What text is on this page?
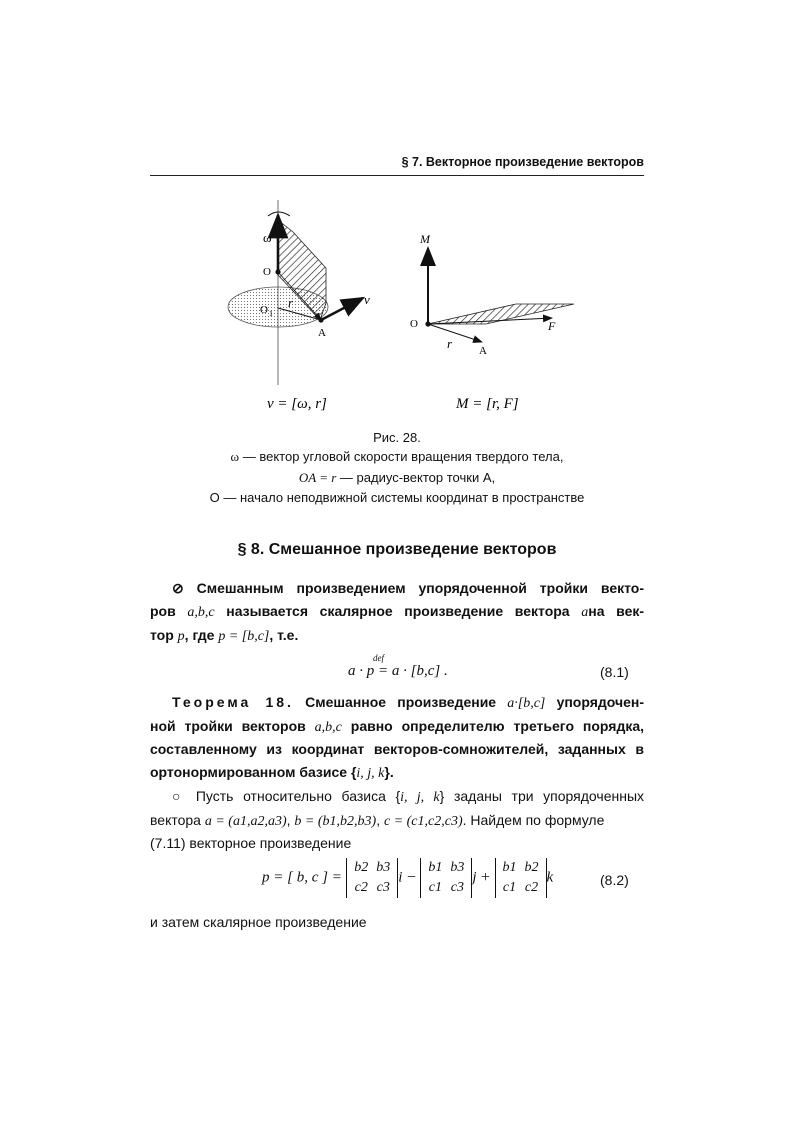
§ 7. Векторное произведение векторов
ω
O
O 1
r
A
v
M
O	F
r A
v = [ω, r]	M = [r, F]
Рис. 28.
ω — вектор угловой скорости вращения твердого тела,
OA = r — радиус-вектор точки A,
O — начало неподвижной системы координат в пространстве
§ 8. Смешанное произведение векторов
⊘ Смешанным произведением упорядоченной тройки векто-
ров a,b,c называется скалярное произведение вектора aна век-
тор p, где p = [b,c], т.е.
def
a · p = a · [b,c] .	(8.1)
Теорема 18. Смешанное произведение a·[b,c] упорядочен-
ной тройки векторов a,b,c равно определителю третьего порядка,
составленному из координат векторов-сомножителей, заданных в
ортонормированном базисе {i, j, k}.
○ Пусть относительно базиса {i, j, k} заданы три упорядоченных
вектора a = (a1,a2,a3), b = (b1,b2,b3), c = (c1,c2,c3). Найдем по формуле
(7.11) векторное произведение
p = [ b, c ] = b2 b3
c2 c3i − b1 b3
c1 c3j + b1 b2
c1 c2k	(8.2)
и затем скалярное произведение
